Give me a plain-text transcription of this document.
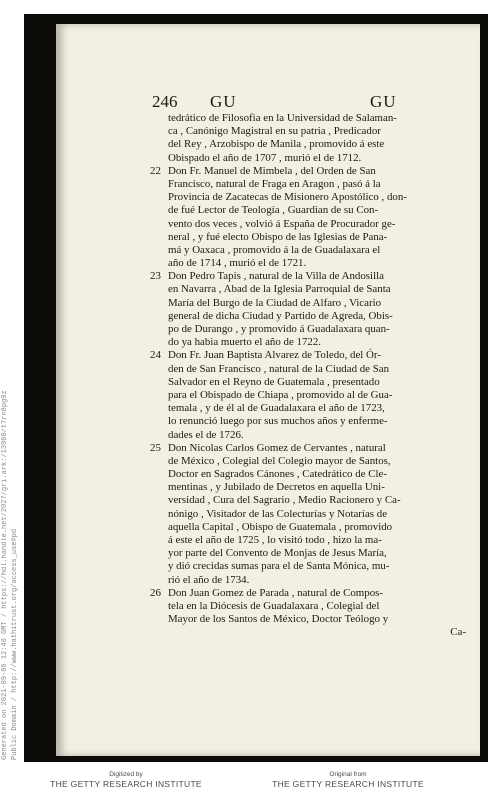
Generated on 2021-09-06 12:40 GMT / https://hdl.handle.net/2027/gri.ark:/13960/t7rn8pg0z Public Domain / http://www.hathitrust.org/access_use#pd
246 GU	GU
tedrático de Filosofia en la Universidad de Salaman-
ca , Canónigo Magistral en su patria , Predicador
del Rey , Arzobispo de Manila , promovido á este
Obispado el año de 1707 , murió el de 1712.
22 Don Fr. Manuel de Mimbela , del Orden de San
Francisco, natural de Fraga en Aragon , pasó á la
Provincia de Zacatecas de Misionero Apostólico , don-
de fué Lector de Teología , Guardian de su Con-
vento dos veces , volvió á España de Procurador ge-
neral , y fué electo Obispo de las Iglesias de Pana-
má y Oaxaca , promovido á la de Guadalaxara el
año de 1714 , murió el de 1721.
23 Don Pedro Tapis , natural de la Villa de Andosilla
en Navarra , Abad de la Iglesia Parroquial de Santa
María del Burgo de la Ciudad de Alfaro , Vicario
general de dicha Ciudad y Partido de Agreda, Obis-
po de Durango , y promovido á Guadalaxara quan-
do ya habia muerto el año de 1722.
24 Don Fr. Juan Baptista Alvarez de Toledo, del Ór-
den de San Francisco , natural de la Ciudad de San
Salvador en el Reyno de Guatemala , presentado
para el Obispado de Chiapa , promovido al de Gua-
temala , y de él al de Guadalaxara el año de 1723,
lo renunció luego por sus muchos años y enferme-
dades el de 1726.
25 Don Nicolas Carlos Gomez de Cervantes , natural
de México , Colegial del Colegio mayor de Santos,
Doctor en Sagrados Cánones , Catedrático de Cle-
mentinas , y Jubilado de Decretos en aquella Uni-
versidad , Cura del Sagrario , Medio Racionero y Ca-
nónigo , Visitador de las Colecturías y Notarías de
aquella Capital , Obispo de Guatemala , promovido
á este el año de 1725 , lo visitó todo , hizo la ma-
yor parte del Convento de Monjas de Jesus María,
y dió crecidas sumas para el de Santa Mónica, mu-
rió el año de 1734.
26 Don Juan Gomez de Parada , natural de Compos-
tela en la Diócesis de Guadalaxara , Colegial del
Mayor de los Santos de México, Doctor Teólogo y
Ca-
Digitized by
THE GETTY RESEARCH INSTITUTE
Original from
THE GETTY RESEARCH INSTITUTE
